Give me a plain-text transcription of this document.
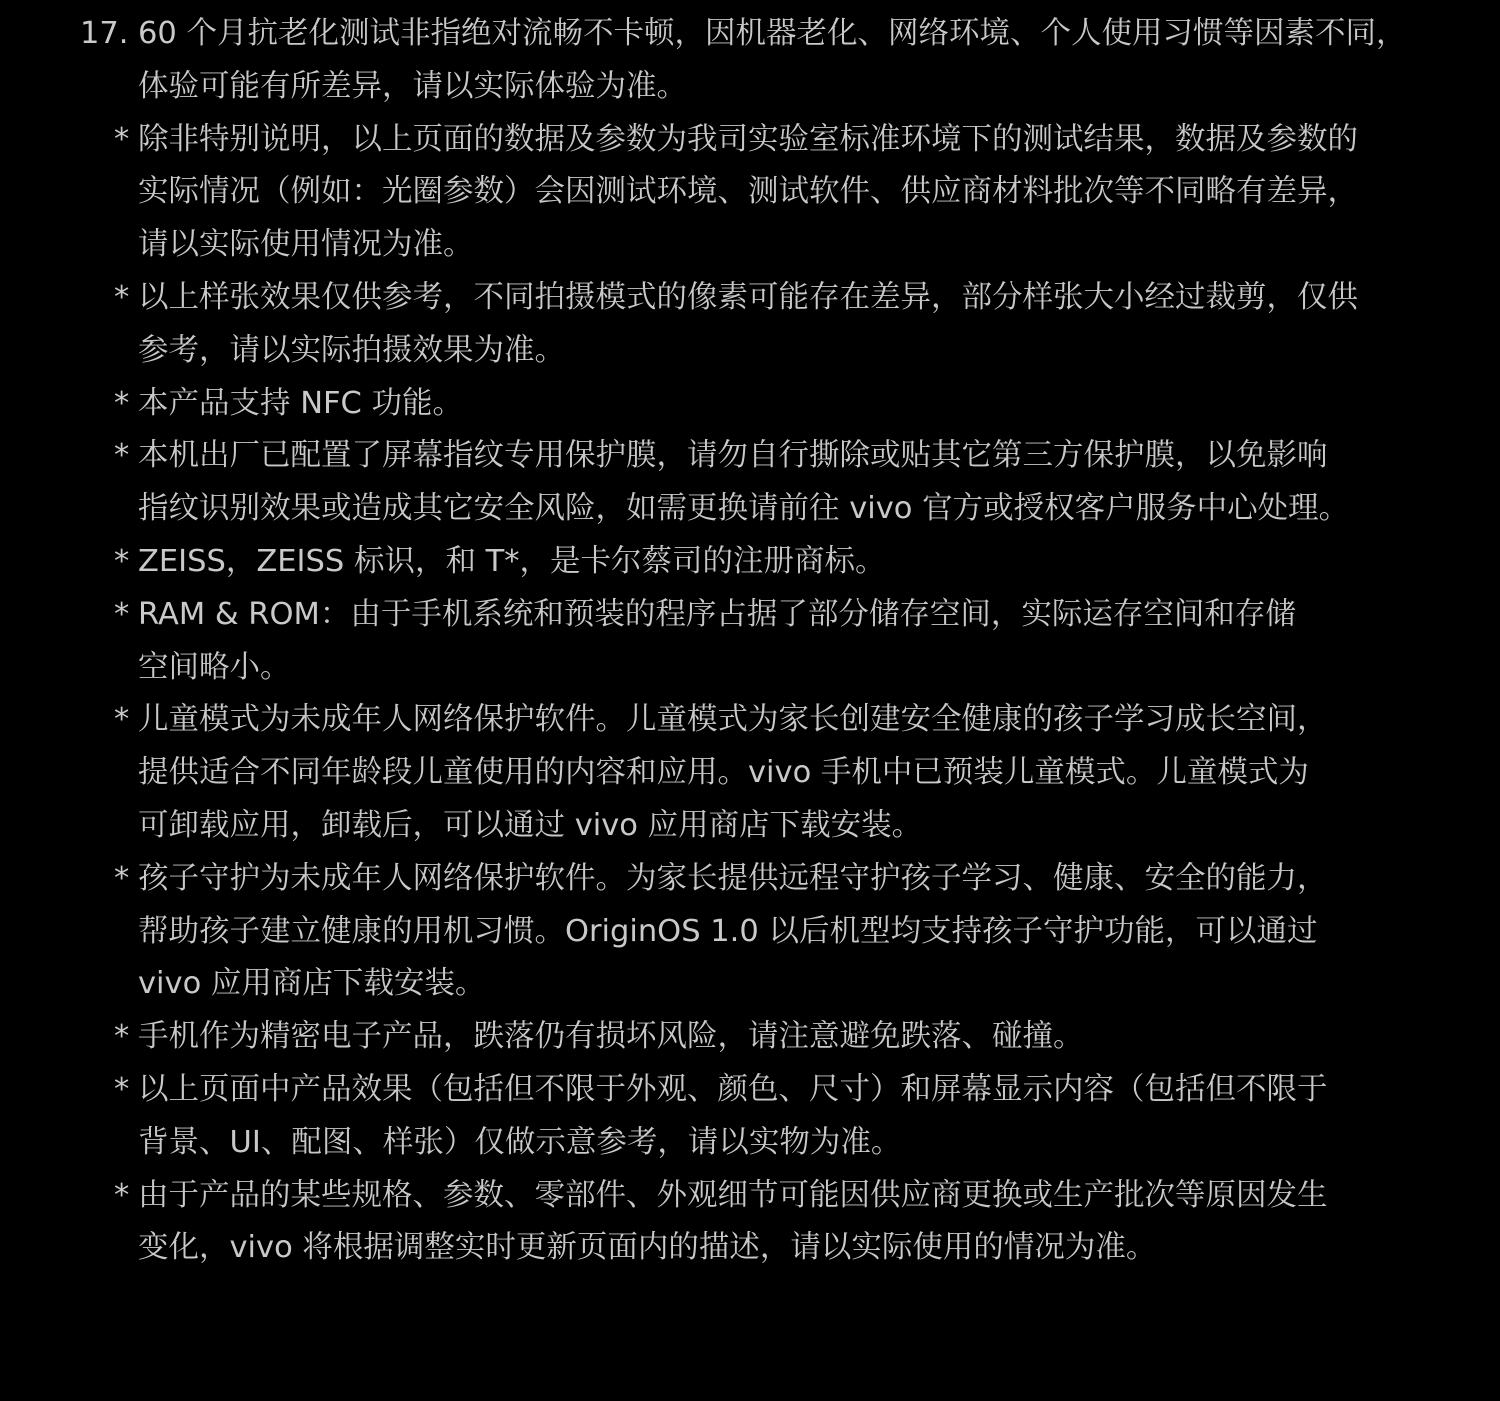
17. 60 个月抗老化测试非指绝对流畅不卡顿，因机器老化、网络环境、个人使用习惯等因素不同，
体验可能有所差异，请以实际体验为准。
* 除非特别说明，以上页面的数据及参数为我司实验室标准环境下的测试结果，数据及参数的
实际情况（例如：光圈参数）会因测试环境、测试软件、供应商材料批次等不同略有差异，
请以实际使用情况为准。
* 以上样张效果仅供参考，不同拍摄模式的像素可能存在差异，部分样张大小经过裁剪，仅供
参考，请以实际拍摄效果为准。
* 本产品支持 NFC 功能。
* 本机出厂已配置了屏幕指纹专用保护膜，请勿自行撕除或贴其它第三方保护膜，以免影响
指纹识别效果或造成其它安全风险，如需更换请前往 vivo 官方或授权客户服务中心处理。
* ZEISS，ZEISS 标识，和 T*，是卡尔蔡司的注册商标。
* RAM & ROM：由于手机系统和预装的程序占据了部分储存空间，实际运存空间和存储
空间略小。
* 儿童模式为未成年人网络保护软件。儿童模式为家长创建安全健康的孩子学习成长空间，
提供适合不同年龄段儿童使用的内容和应用。vivo 手机中已预装儿童模式。儿童模式为
可卸载应用，卸载后，可以通过 vivo 应用商店下载安装。
* 孩子守护为未成年人网络保护软件。为家长提供远程守护孩子学习、健康、安全的能力，
帮助孩子建立健康的用机习惯。OriginOS 1.0 以后机型均支持孩子守护功能，可以通过
vivo 应用商店下载安装。
* 手机作为精密电子产品，跌落仍有损坏风险，请注意避免跌落、碰撞。
* 以上页面中产品效果（包括但不限于外观、颜色、尺寸）和屏幕显示内容（包括但不限于
背景、UI、配图、样张）仅做示意参考，请以实物为准。
* 由于产品的某些规格、参数、零部件、外观细节可能因供应商更换或生产批次等原因发生
变化，vivo 将根据调整实时更新页面内的描述，请以实际使用的情况为准。
